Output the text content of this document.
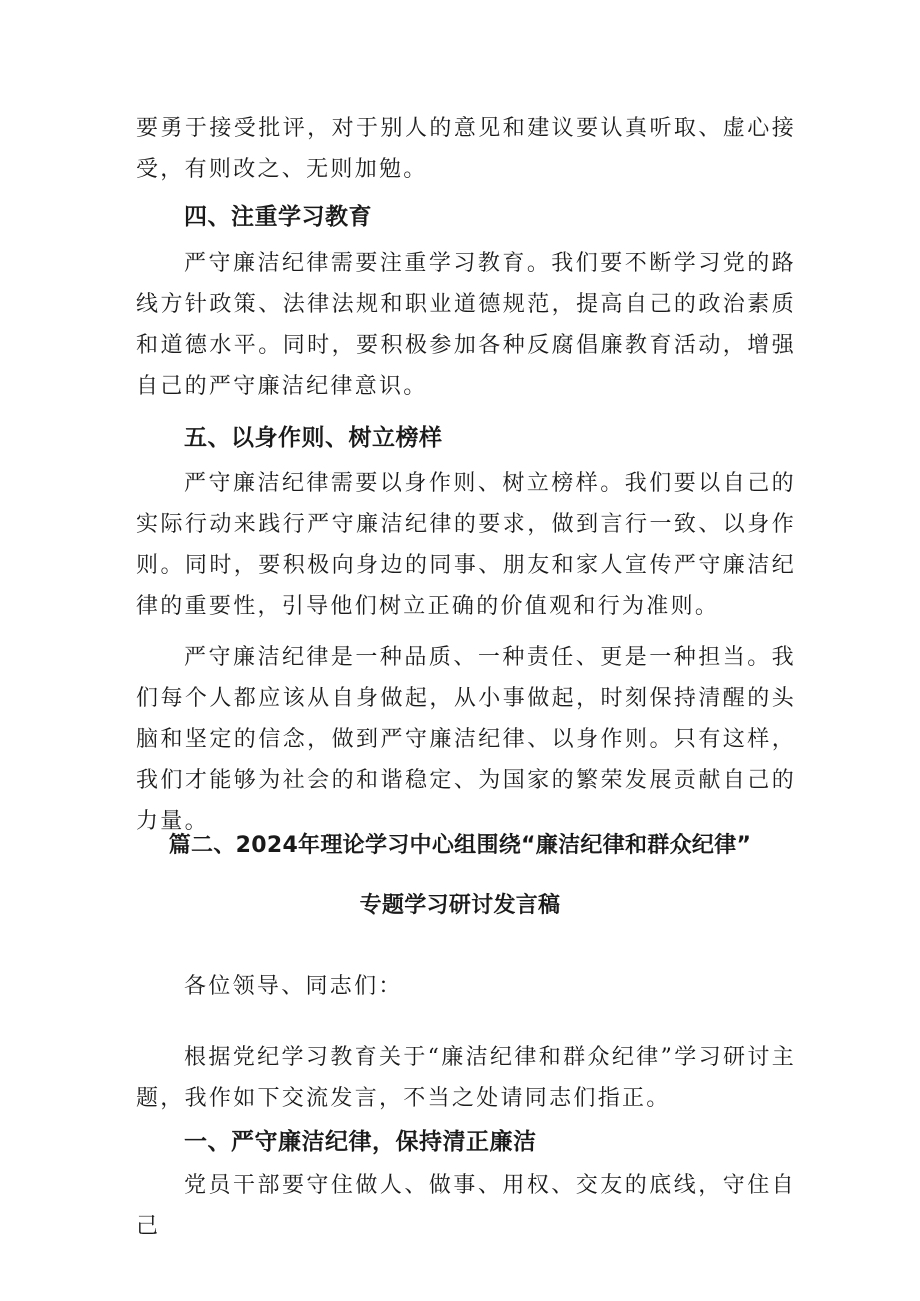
要勇于接受批评，对于别人的意见和建议要认真听取、虚心接受，有则改之、无则加勉。

四、注重学习教育

严守廉洁纪律需要注重学习教育。我们要不断学习党的路线方针政策、法律法规和职业道德规范，提高自己的政治素质和道德水平。同时，要积极参加各种反腐倡廉教育活动，增强自己的严守廉洁纪律意识。

五、以身作则、树立榜样

严守廉洁纪律需要以身作则、树立榜样。我们要以自己的实际行动来践行严守廉洁纪律的要求，做到言行一致、以身作则。同时，要积极向身边的同事、朋友和家人宣传严守廉洁纪律的重要性，引导他们树立正确的价值观和行为准则。

严守廉洁纪律是一种品质、一种责任、更是一种担当。我们每个人都应该从自身做起，从小事做起，时刻保持清醒的头脑和坚定的信念，做到严守廉洁纪律、以身作则。只有这样，我们才能够为社会的和谐稳定、为国家的繁荣发展贡献自己的力量。

篇二、2024年理论学习中心组围绕“廉洁纪律和群众纪律”
专题学习研讨发言稿

各位领导、同志们：

根据党纪学习教育关于“廉洁纪律和群众纪律”学习研讨主题，我作如下交流发言，不当之处请同志们指正。

一、严守廉洁纪律，保持清正廉洁

党员干部要守住做人、做事、用权、交友的底线，守住自己
